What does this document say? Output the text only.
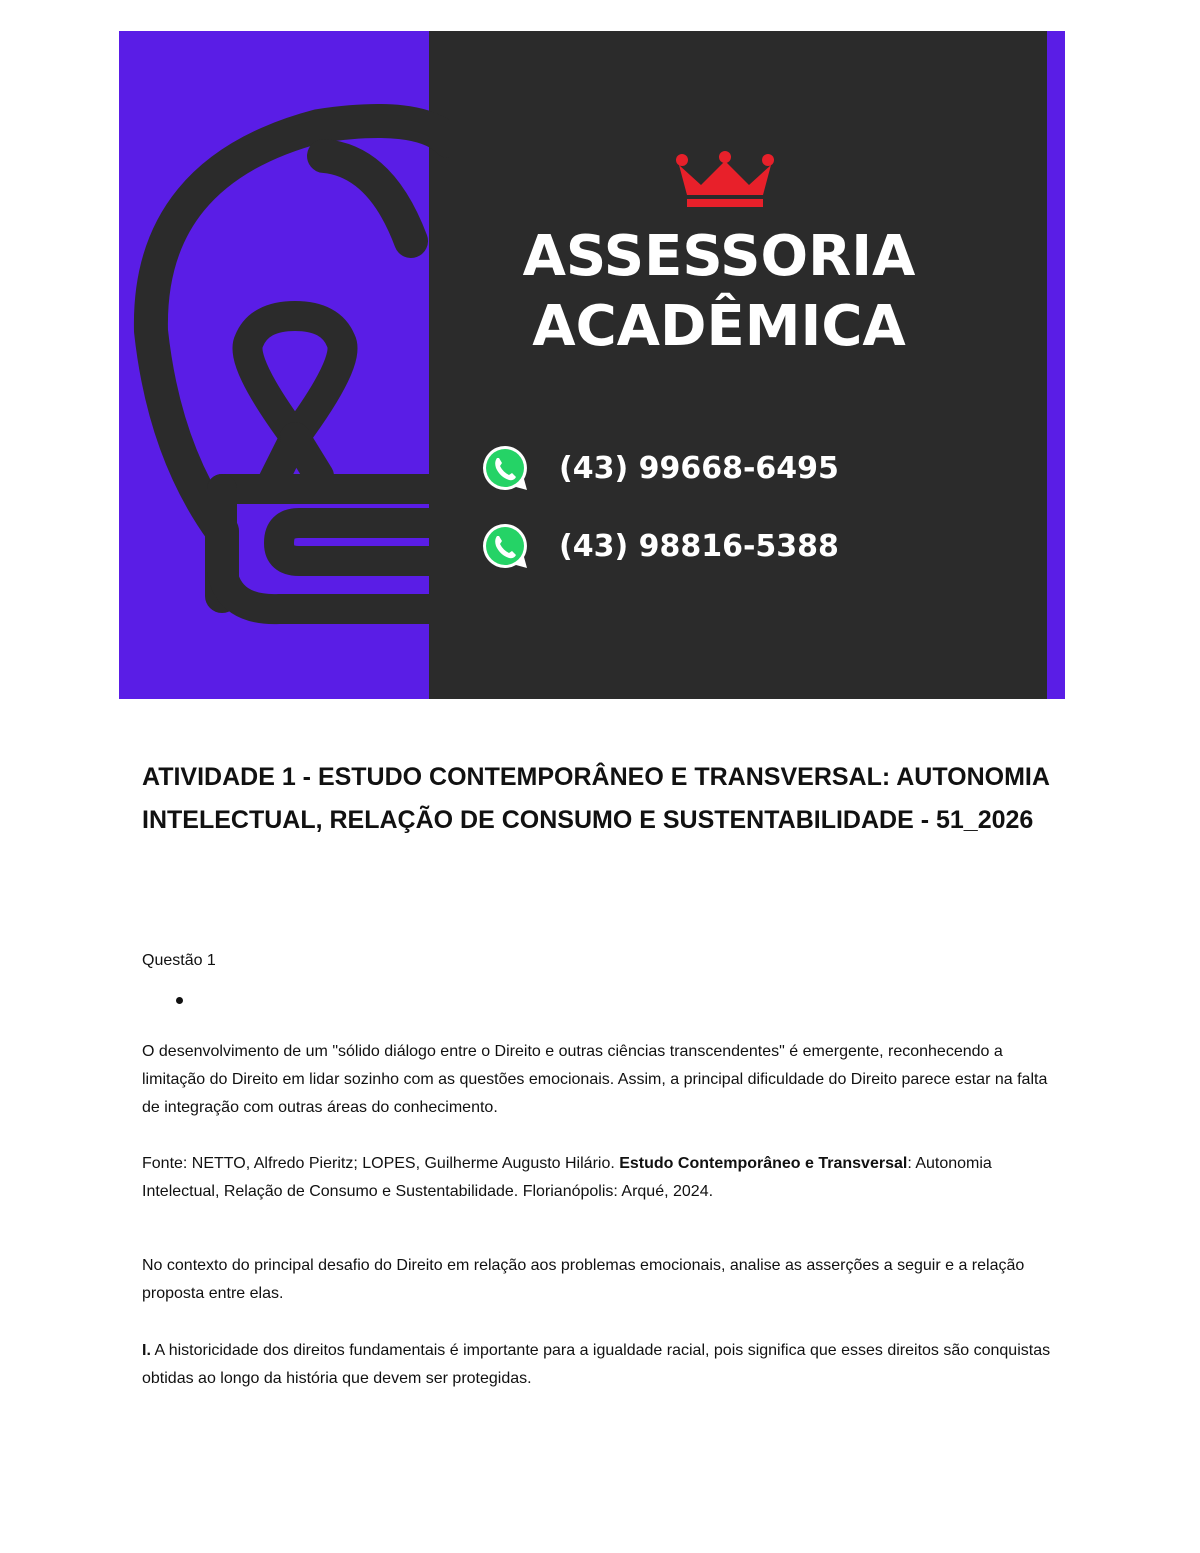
ASSESSORIA
ACADÊMICA
(43) 99668-6495
(43) 98816-5388
ATIVIDADE 1 - ESTUDO CONTEMPORÂNEO E TRANSVERSAL: AUTONOMIA INTELECTUAL, RELAÇÃO DE CONSUMO E SUSTENTABILIDADE - 51_2026
Questão 1
O desenvolvimento de um "sólido diálogo entre o Direito e outras ciências transcendentes" é emergente, reconhecendo a limitação do Direito em lidar sozinho com as questões emocionais. Assim, a principal dificuldade do Direito parece estar na falta de integração com outras áreas do conhecimento.
Fonte: NETTO, Alfredo Pieritz; LOPES, Guilherme Augusto Hilário. Estudo Contemporâneo e Transversal: Autonomia Intelectual, Relação de Consumo e Sustentabilidade. Florianópolis: Arqué, 2024.
No contexto do principal desafio do Direito em relação aos problemas emocionais, analise as asserções a seguir e a relação proposta entre elas.
I. A historicidade dos direitos fundamentais é importante para a igualdade racial, pois significa que esses direitos são conquistas obtidas ao longo da história que devem ser protegidas.
